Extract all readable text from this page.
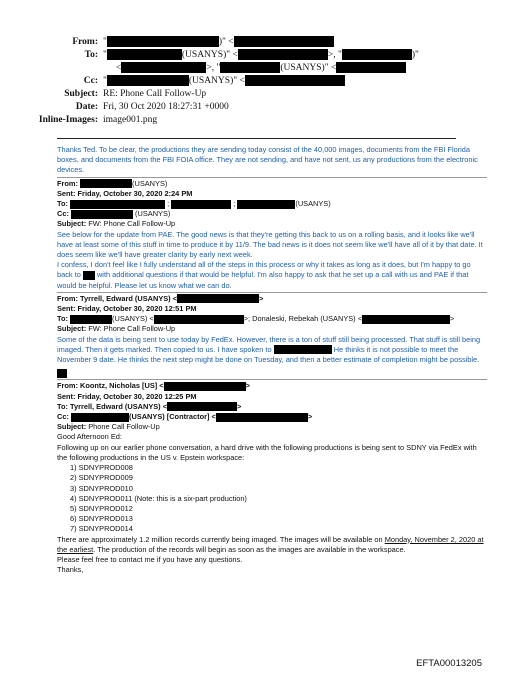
From: "	)" <
To: "	(USANYS)" <	>, "	)"
<	>, "	(USANYS)" <
Cc: "	(USANYS)" <
Subject: RE: Phone Call Follow-Up
Date: Fri, 30 Oct 2020 18:27:31 +0000
Inline-Images: image001.png
Thanks Ted. To be clear, the productions they are sending today consist of the 40,000 images, documents from the FBI Florida boxes, and documents from the FBI FOIA office. They are not sending, and have not sent, us any productions from the electronic devices.
From:	(USANYS)
Sent: Friday, October 30, 2020 2:24 PM
To:	;	;	(USANYS)
Cc:	(USANYS)
Subject: FW: Phone Call Follow-Up
See below for the update from PAE. The good news is that they're getting this back to us on a rolling basis, and it looks like we'll have at least some of this stuff in time to produce it by 11/9. The bad news is it does not seem like we'll have all of it by that date. It does seem like we'll have greater clarity by early next week.
I confess, I don't feel like I fully understand all of the steps in this process or why it takes as long as it does, but I'm happy to go back to with additional questions if that would be helpful. I'm also happy to ask that he set up a call with us and PAE if that would be helpful. Please let us know what we can do.
From: Tyrrell, Edward (USANYS) <	>
Sent: Friday, October 30, 2020 12:51 PM
To:	(USANYS) <	>; Donaleski, Rebekah (USANYS) <	>
Subject: FW: Phone Call Follow-Up
Some of the data is being sent to use today by FedEx. However, there is a ton of stuff still being processed. That stuff is still being imaged. Then it gets marked. Then copied to us. I have spoken to	He thinks it is not possible to meet the November 9 date. He thinks the next step might be done on Tuesday, and then a better estimate of completion might be possible.
From: Koontz, Nicholas [US] <	>
Sent: Friday, October 30, 2020 12:25 PM
To: Tyrrell, Edward (USANYS) <	>
Cc:	(USANYS) [Contractor] <	>
Subject: Phone Call Follow-Up
Good Afternoon Ed:
Following up on our earlier phone conversation, a hard drive with the following productions is being sent to SDNY via FedEx with the following productions in the US v. Epstein workspace:
1) SDNYPROD008
2) SDNYPROD009
3) SDNYPROD010
4) SDNYPROD011 (Note: this is a six-part production)
5) SDNYPROD012
6) SDNYPROD013
7) SDNYPROD014
There are approximately 1.2 million records currently being imaged. The images will be available on Monday, November 2, 2020 at the earliest. The production of the records will begin as soon as the images are available in the workspace.
Please feel free to contact me if you have any questions.
Thanks,
EFTA00013205
